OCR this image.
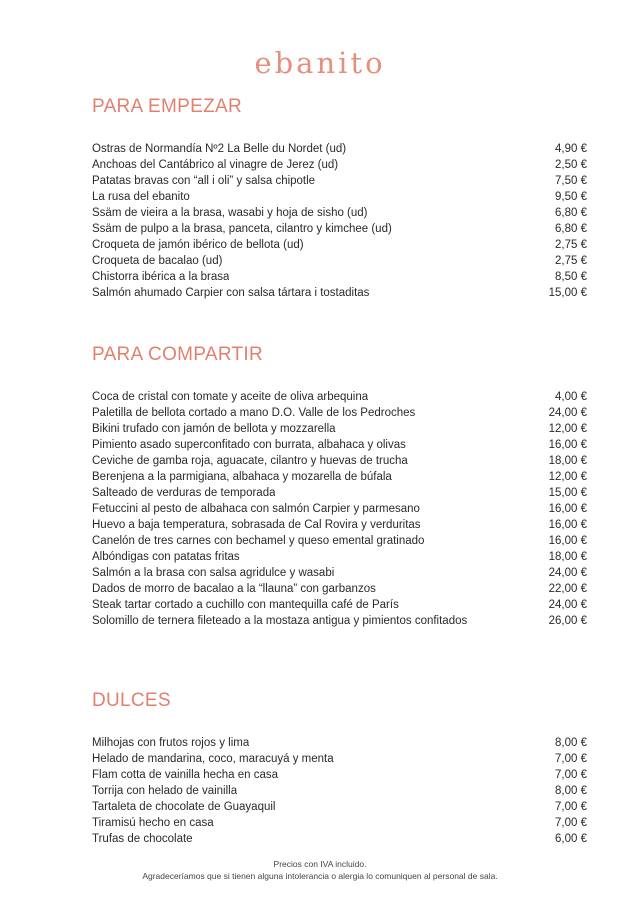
ebanito
PARA EMPEZAR
Ostras de Normandía Nº2 La Belle du Nordet (ud)	4,90 €
Anchoas del Cantábrico al vinagre de Jerez (ud)	2,50 €
Patatas bravas con “all i oli” y salsa chipotle	7,50 €
La rusa del ebanito	9,50 €
Ssäm de vieira a la brasa, wasabi y hoja de sisho (ud)	6,80 €
Ssäm de pulpo a la brasa, panceta, cilantro y kimchee (ud)	6,80 €
Croqueta de jamón ibérico de bellota (ud)	2,75 €
Croqueta de bacalao (ud)	2,75 €
Chistorra ibérica a la brasa	8,50 €
Salmón ahumado Carpier con salsa tártara i tostaditas	15,00 €
PARA COMPARTIR
Coca de cristal con tomate y aceite de oliva arbequina	4,00 €
Paletilla de bellota cortado a mano D.O. Valle de los Pedroches	24,00 €
Bikini trufado con jamón de bellota y mozzarella	12,00 €
Pimiento asado superconfitado con burrata, albahaca y olivas	16,00 €
Ceviche de gamba roja, aguacate, cilantro y huevas de trucha	18,00 €
Berenjena a la parmigiana, albahaca y mozarella de búfala	12,00 €
Salteado de verduras de temporada	15,00 €
Fetuccini al pesto de albahaca con salmón Carpier y parmesano	16,00 €
Huevo a baja temperatura, sobrasada de Cal Rovira y verduritas	16,00 €
Canelón de tres carnes con bechamel y queso emental gratinado	16,00 €
Albóndigas con patatas fritas	18,00 €
Salmón a la brasa con salsa agridulce y wasabi	24,00 €
Dados de morro de bacalao a la “llauna” con garbanzos	22,00 €
Steak tartar cortado a cuchillo con mantequilla café de París	24,00 €
Solomillo de ternera fileteado a la mostaza antigua y pimientos confitados	26,00 €
DULCES
Milhojas con frutos rojos y lima	8,00 €
Helado de mandarina, coco, maracuyá y menta	7,00 €
Flam cotta de vainilla hecha en casa	7,00 €
Torrija con helado de vainilla	8,00 €
Tartaleta de chocolate de Guayaquil	7,00 €
Tiramisú hecho en casa	7,00 €
Trufas de chocolate	6,00 €
Precios con IVA incluido.
Agradeceríamos que si tienen alguna intolerancia o alergia lo comuniquen al personal de sala.
